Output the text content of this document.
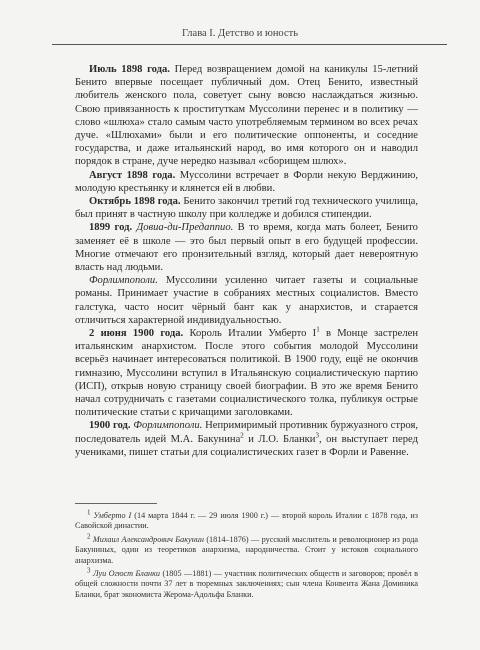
Глава I. Детство и юность

Июль 1898 года. Перед возвращением домой на каникулы 15-летний Бенито впервые посещает публичный дом. Отец Бенито, известный любитель женского пола, советует сыну вовсю наслаждаться жизнью. Свою привязанность к проституткам Муссолини перенес и в политику — слово «шлюха» стало самым часто употребляемым термином во всех речах дуче. «Шлюхами» были и его политические оппоненты, и соседние государства, и даже итальянский народ, во имя которого он и наводил порядок в стране, дуче нередко называл «сборищем шлюх».

Август 1898 года. Муссолини встречает в Форли некую Верджинию, молодую крестьянку и клянется ей в любви.

Октябрь 1898 года. Бенито закончил третий год технического училища, был принят в частную школу при колледже и добился стипендии.

1899 год. Довиа-ди-Предаппио. В то время, когда мать болеет, Бенито заменяет её в школе — это был первый опыт в его будущей профессии. Многие отмечают его пронзительный взгляд, который дает невероятную власть над людьми.

Форлимпополи. Муссолини усиленно читает газеты и социальные романы. Принимает участие в собраниях местных социалистов. Вместо галстука, часто носит чёрный бант как у анархистов, и старается отличиться характерной индивидуальностью.

2 июня 1900 года. Король Италии Умберто $I^1$ в Монце застрелен итальянским анархистом. После этого события молодой Муссолини всерьёз начинает интересоваться политикой. В 1900 году, ещё не окончив гимназию, Муссолини вступил в Итальянскую социалистическую партию (ИСП), открыв новую страницу своей биографии. В это же время Бенито начал сотрудничать с газетами социалистического толка, публикуя острые политические статьи с кричащими заголовками.

1900 год. Форлимпополи. Непримиримый противник буржуазного строя, последователь идей М.А. Бакунина$^2$ и Л.О. Бланки$^3$, он выступает перед учениками, пишет статьи для социалистических газет в Форли и Равенне.

$^1$ Умберто I (14 марта 1844 г. — 29 июля 1900 г.) — второй король Италии с 1878 года, из Савойской династии.

$^2$ Михаил Александрович Бакунин (1814–1876) — русский мыслитель и революционер из рода Бакуниных, один из теоретиков анархизма, народничества. Стоит у истоков социального анархизма.

$^3$ Луи Огюст Бланки (1805 —1881) — участник политических обществ и заговоров; провёл в общей сложности почти 37 лет в тюремных заключениях; сын члена Конвента Жана Доминика Бланки, брат экономиста Жерома-Адольфа Бланки.
